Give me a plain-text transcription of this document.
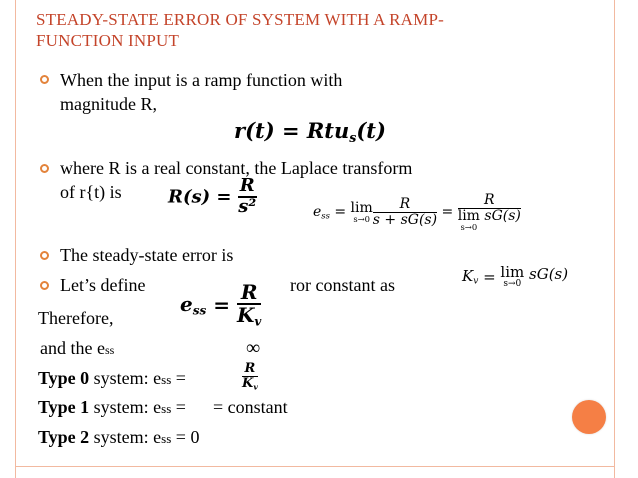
STEADY-STATE ERROR OF SYSTEM WITH A RAMP-
FUNCTION INPUT
When the input is a ramp function with
magnitude R,
r(t) = Rtu$_s$(t)
where R is a real constant, the Laplace transform
of r{t) is	$R(s) = \frac{R}{\text{s²}}$	$e_{ss} = \lim$
$s\to 0 \frac{R}{s + sG(s)} = R$
lim
s→0
sG(s)
The steady-state error is
Let’s define	ror constant as	$K_v = \lim$
s→0
sG(s)
$e_{ss} = \frac{R}{K_v}$
Therefore,
and the ess	∞
Type 0 system: ess =	$\frac{R}{K_v}$
Type 1 system: ess =      = constant
Type 2 system: ess = 0
